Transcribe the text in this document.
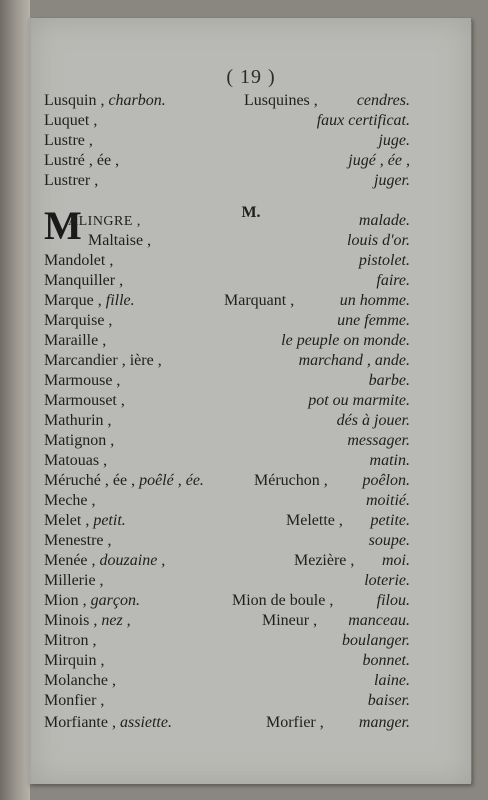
( 19 )
M.
M
Lusquin , charbon.	Lusquines , cendres.
Luquet ,	faux certificat.
Lustre ,	juge.
Lustré , ée ,	jugé , ée ,
Lustrer ,	juger.
ALINGRE ,	malade.
Maltaise ,	louis d'or.
Mandolet ,	pistolet.
Manquiller ,	faire.
Marque , fille.	Marquant ,	un homme.
Marquise ,	une femme.
Maraille ,	le peuple on monde.
Marcandier , ière ,	marchand , ande.
Marmouse ,	barbe.
Marmouset ,	pot ou marmite.
Mathurin ,	dés à jouer.
Matignon ,	messager.
Matouas ,	matin.
Méruché , ée , poêlé , ée.	Méruchon , poêlon.
Meche ,	moitié.
Melet , petit.	Melette , petite.
Menestre ,	soupe.
Menée , douzaine ,	Mezière , moi.
Millerie ,	loterie.
Mion , garçon.	Mion de boule ,	filou.
Minois , nez ,	Mineur , manceau.
Mitron ,	boulanger.
Mirquin ,	bonnet.
Molanche ,	laine.
Monfier ,	baiser.
Morfiante , assiette.	Morfier , manger.
